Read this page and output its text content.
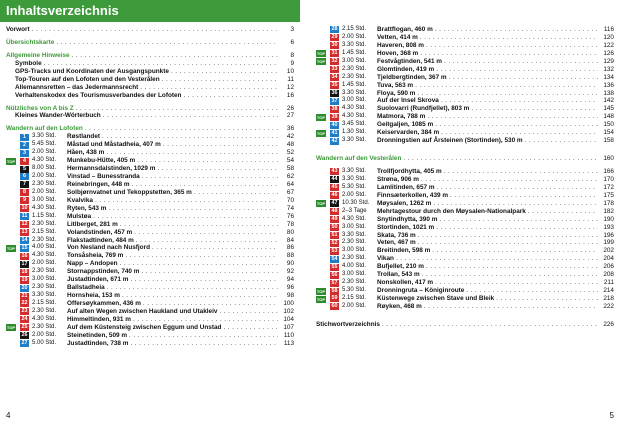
Inhaltsverzeichnis
Vorwort . . .	3
Übersichtskarte . . .	6
Allgemeine Hinweise . . .	8
Symbole . . .	9
GPS-Tracks und Koordinaten der Ausgangspunkte . . .	10
Top-Touren auf den Lofoten und den Vesterålen . . .	11
Allemannsretten – das Jedermannsrecht . . .	12
Verhaltenskodex des Tourismusverbandes der Lofoten . . .	16
Nützliches von A bis Z . . .	26
Kleines Wander-Wörterbuch . . .	27
Wandern auf den Lofoten . . .	36
1	3.30 Std.	Røstlandet . . .	42
2	5.45 Std.	Måstad und Måstadheia, 407 m . . .	48
3	2.00 Std.	Håen, 438 m . . .	52
TOP	4	4.30 Std.	Munkebu-Hütte, 405 m . . .	54
5	8.00 Std.	Hermannsdalstinden, 1029 m . . .	58
6	2.00 Std.	Vinstad – Bunesstranda . . .	62
7	2.30 Std.	Reinebringen, 448 m . . .	64
8	2.00 Std.	Solbjørnvatnet und Tekoppstetten, 365 m . . .	67
9	3.00 Std.	Kvalvika . . .	70
10 4.30 Std.	Ryten, 543 m . . .	74
11 1.15 Std.	Mulstøa . . .	76
12 2.30 Std.	Litlberget, 281 m . . .	78
13 2.15 Std.	Volandstinden, 457 m . . .	80
14 2.30 Std.	Flakstadtinden, 484 m . . .	84
TOP 15 4.00 Std.	Von Nesland nach Nusfjord . . .	86
16 4.30 Std.	Tonsåsheia, 769 m . . .	88
17 2.00 Std.	Napp – Andopen . . .	90
18 2.30 Std.	Stornappstinden, 740 m . . .	92
19 3.00 Std.	Justadtinden, 671 m . . .	94
20 2.30 Std.	Ballstadheia . . .	96
21 3.30 Std.	Hornsheia, 153 m . . .	98
22 2.15 Std.	Offersøykammen, 436 m . . .	100
23 2.30 Std.	Auf alten Wegen zwischen Haukland und Utakleiv . . .	102
24 4.30 Std.	Himmeltinden, 931 m . . .	104
TOP 25 2.30 Std.	Auf dem Küstensteig zwischen Eggum und Unstad . . .	107
26 2.00 Std.	Steinetinden, 509 m . . .	110
27 5.00 Std.	Justadtinden, 738 m . . .	113
28 2.15 Std.	Brattflogan, 460 m . . .	116
29 2.00 Std.	Vetten, 414 m . . .	120
30 3.30 Std.	Haveren, 808 m . . .	122
TOP 31 1.45 Std.	Hoven, 368 m . . .	126
TOP 32 3.00 Std.	Festvågtinden, 541 m . . .	129
33 2.30 Std.	Glomtinden, 419 m . . .	132
34 2.30 Std.	Tjeldbergtinden, 367 m . . .	134
35 1.45 Std.	Tuva, 563 m . . .	136
36 3.30 Std.	Floya, 590 m . . .	138
37 3.00 Std.	Auf der Insel Skrova . . .	142
38 4.30 Std.	Suolovarri (Rundfjellet), 803 m . . .	145
TOP 39 4.30 Std.	Matmora, 788 m . . .	148
40 3.45 Std.	Geitgaljen, 1085 m . . .	150
TOP 41 1.30 Std.	Keiservarden, 384 m . . .	154
42 3.30 Std.	Dronningstien auf Årsteinen (Stortinden), 530 m . . .	158
Wandern auf den Vesterålen . . .	160
43 3.30 Std.	Trollfjordhytta, 405 m . . .	166
44 3.30 Std.	Strøna, 906 m . . .	170
45 5.30 Std.	Lamlitinden, 657 m . . .	172
46 2.00 Std.	Finnsæterkollen, 439 m . . .	175
TOP 47 10.30 Std.	Møysalen, 1262 m . . .	178
48 2–3 Tage	Mehrtagestour durch den Møysalen-Nationalpark . . .	182
49 4.30 Std.	Snytindhytta, 390 m . . .	190
50 3.00 Std.	Stortinden, 1021 m . . .	193
51 3.30 Std.	Skata, 736 m . . .	196
52 2.30 Std.	Veten, 467 m . . .	199
53 3.00 Std.	Breitinden, 598 m . . .	202
54 2.30 Std.	Vikan . . .	204
55 4.00 Std.	Bufjellet, 210 m . . .	206
56 3.00 Std.	Trollan, 543 m . . .	208
57 2.30 Std.	Nonskollen, 417 m . . .	211
TOP 58 5.30 Std.	Dronningruta – Königinroute . . .	214
TOP 59 2.15 Std.	Küstenwege zwischen Stave und Bleik . . .	218
60 2.00 Std.	Røyken, 468 m . . .	222
Stichwortverzeichnis . . .	226
4	5
